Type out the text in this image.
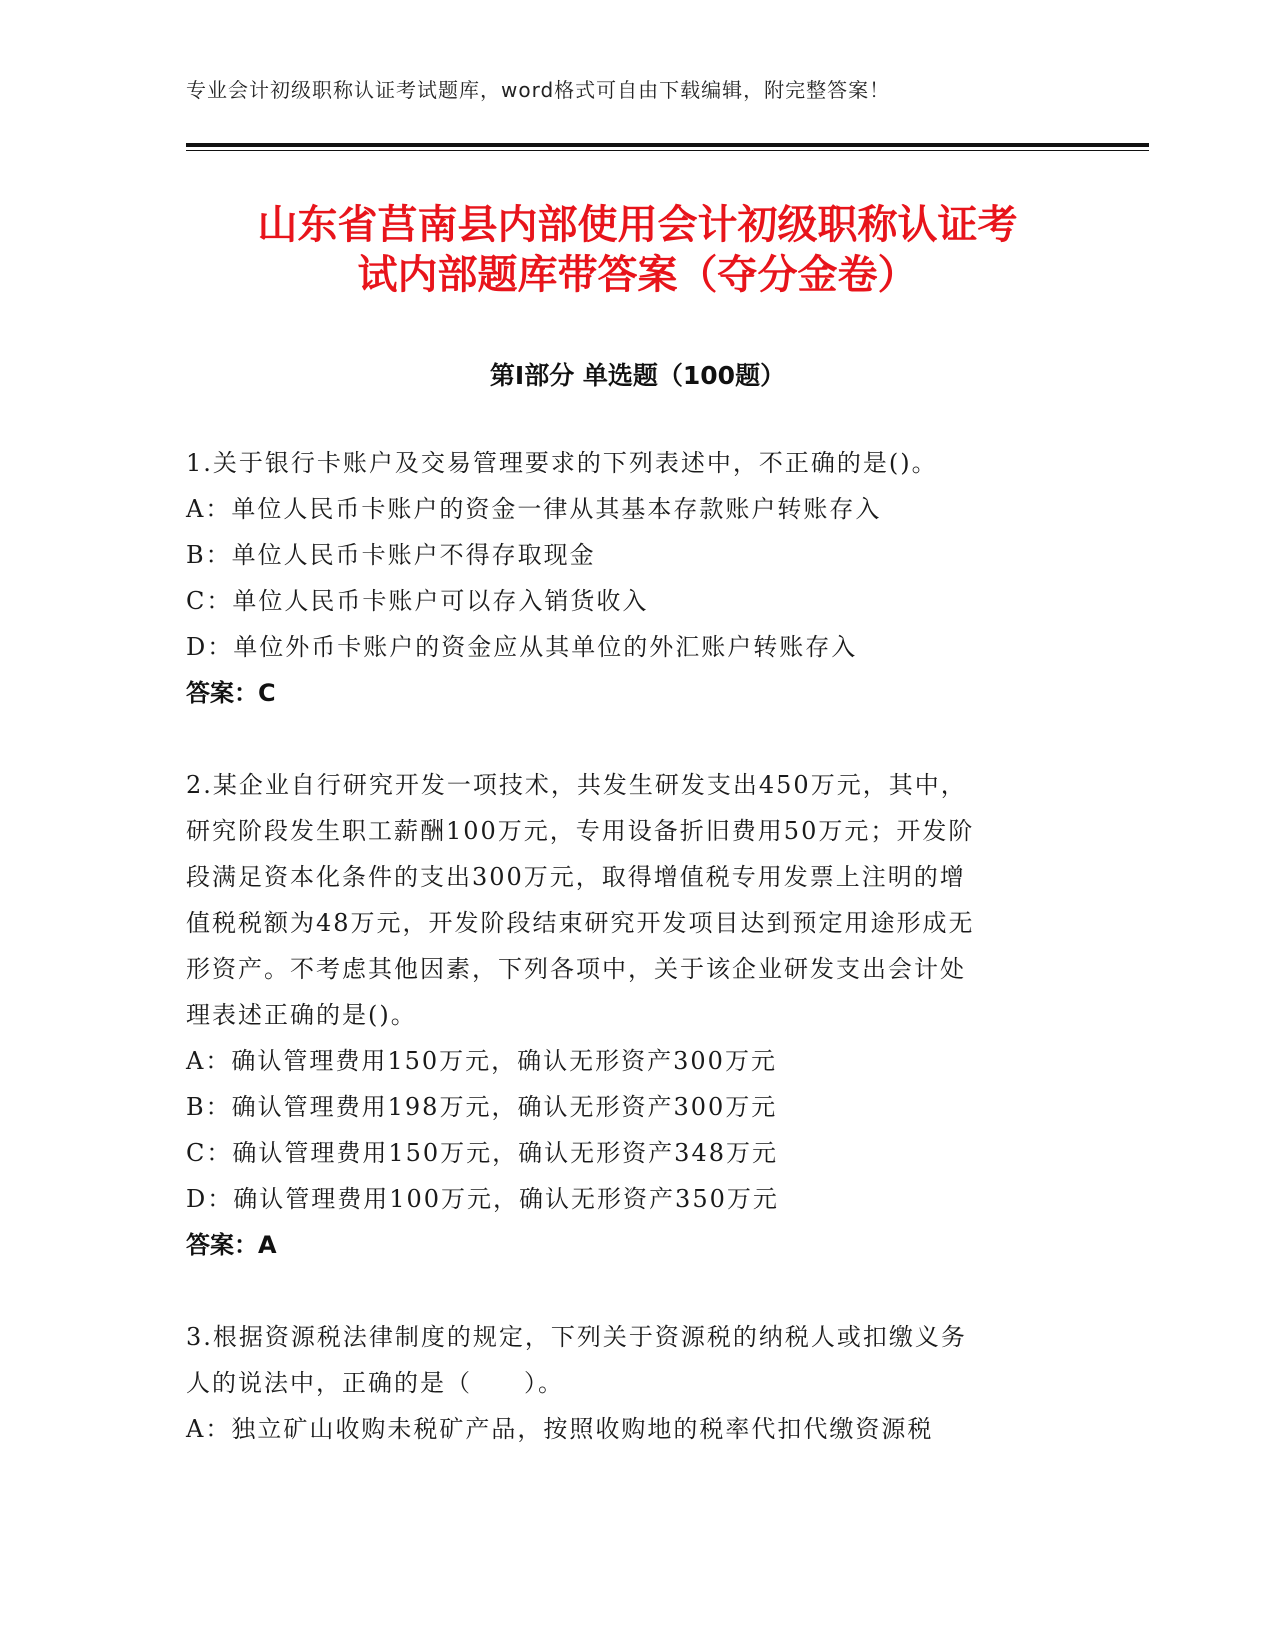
专业会计初级职称认证考试题库，word格式可自由下载编辑，附完整答案！
山东省莒南县内部使用会计初级职称认证考
试内部题库带答案（夺分金卷）
第Ⅰ部分 单选题（100题）
1.关于银行卡账户及交易管理要求的下列表述中，不正确的是()。
A：单位人民币卡账户的资金一律从其基本存款账户转账存入
B：单位人民币卡账户不得存取现金
C：单位人民币卡账户可以存入销货收入
D：单位外币卡账户的资金应从其单位的外汇账户转账存入
答案：C
2.某企业自行研究开发一项技术，共发生研发支出450万元，其中，
研究阶段发生职工薪酬100万元，专用设备折旧费用50万元；开发阶
段满足资本化条件的支出300万元，取得增值税专用发票上注明的增
值税税额为48万元，开发阶段结束研究开发项目达到预定用途形成无
形资产。不考虑其他因素，下列各项中，关于该企业研发支出会计处
理表述正确的是()。
A：确认管理费用150万元，确认无形资产300万元
B：确认管理费用198万元，确认无形资产300万元
C：确认管理费用150万元，确认无形资产348万元
D：确认管理费用100万元，确认无形资产350万元
答案：A
3.根据资源税法律制度的规定，下列关于资源税的纳税人或扣缴义务
人的说法中，正确的是（　　）。
A：独立矿山收购未税矿产品，按照收购地的税率代扣代缴资源税
